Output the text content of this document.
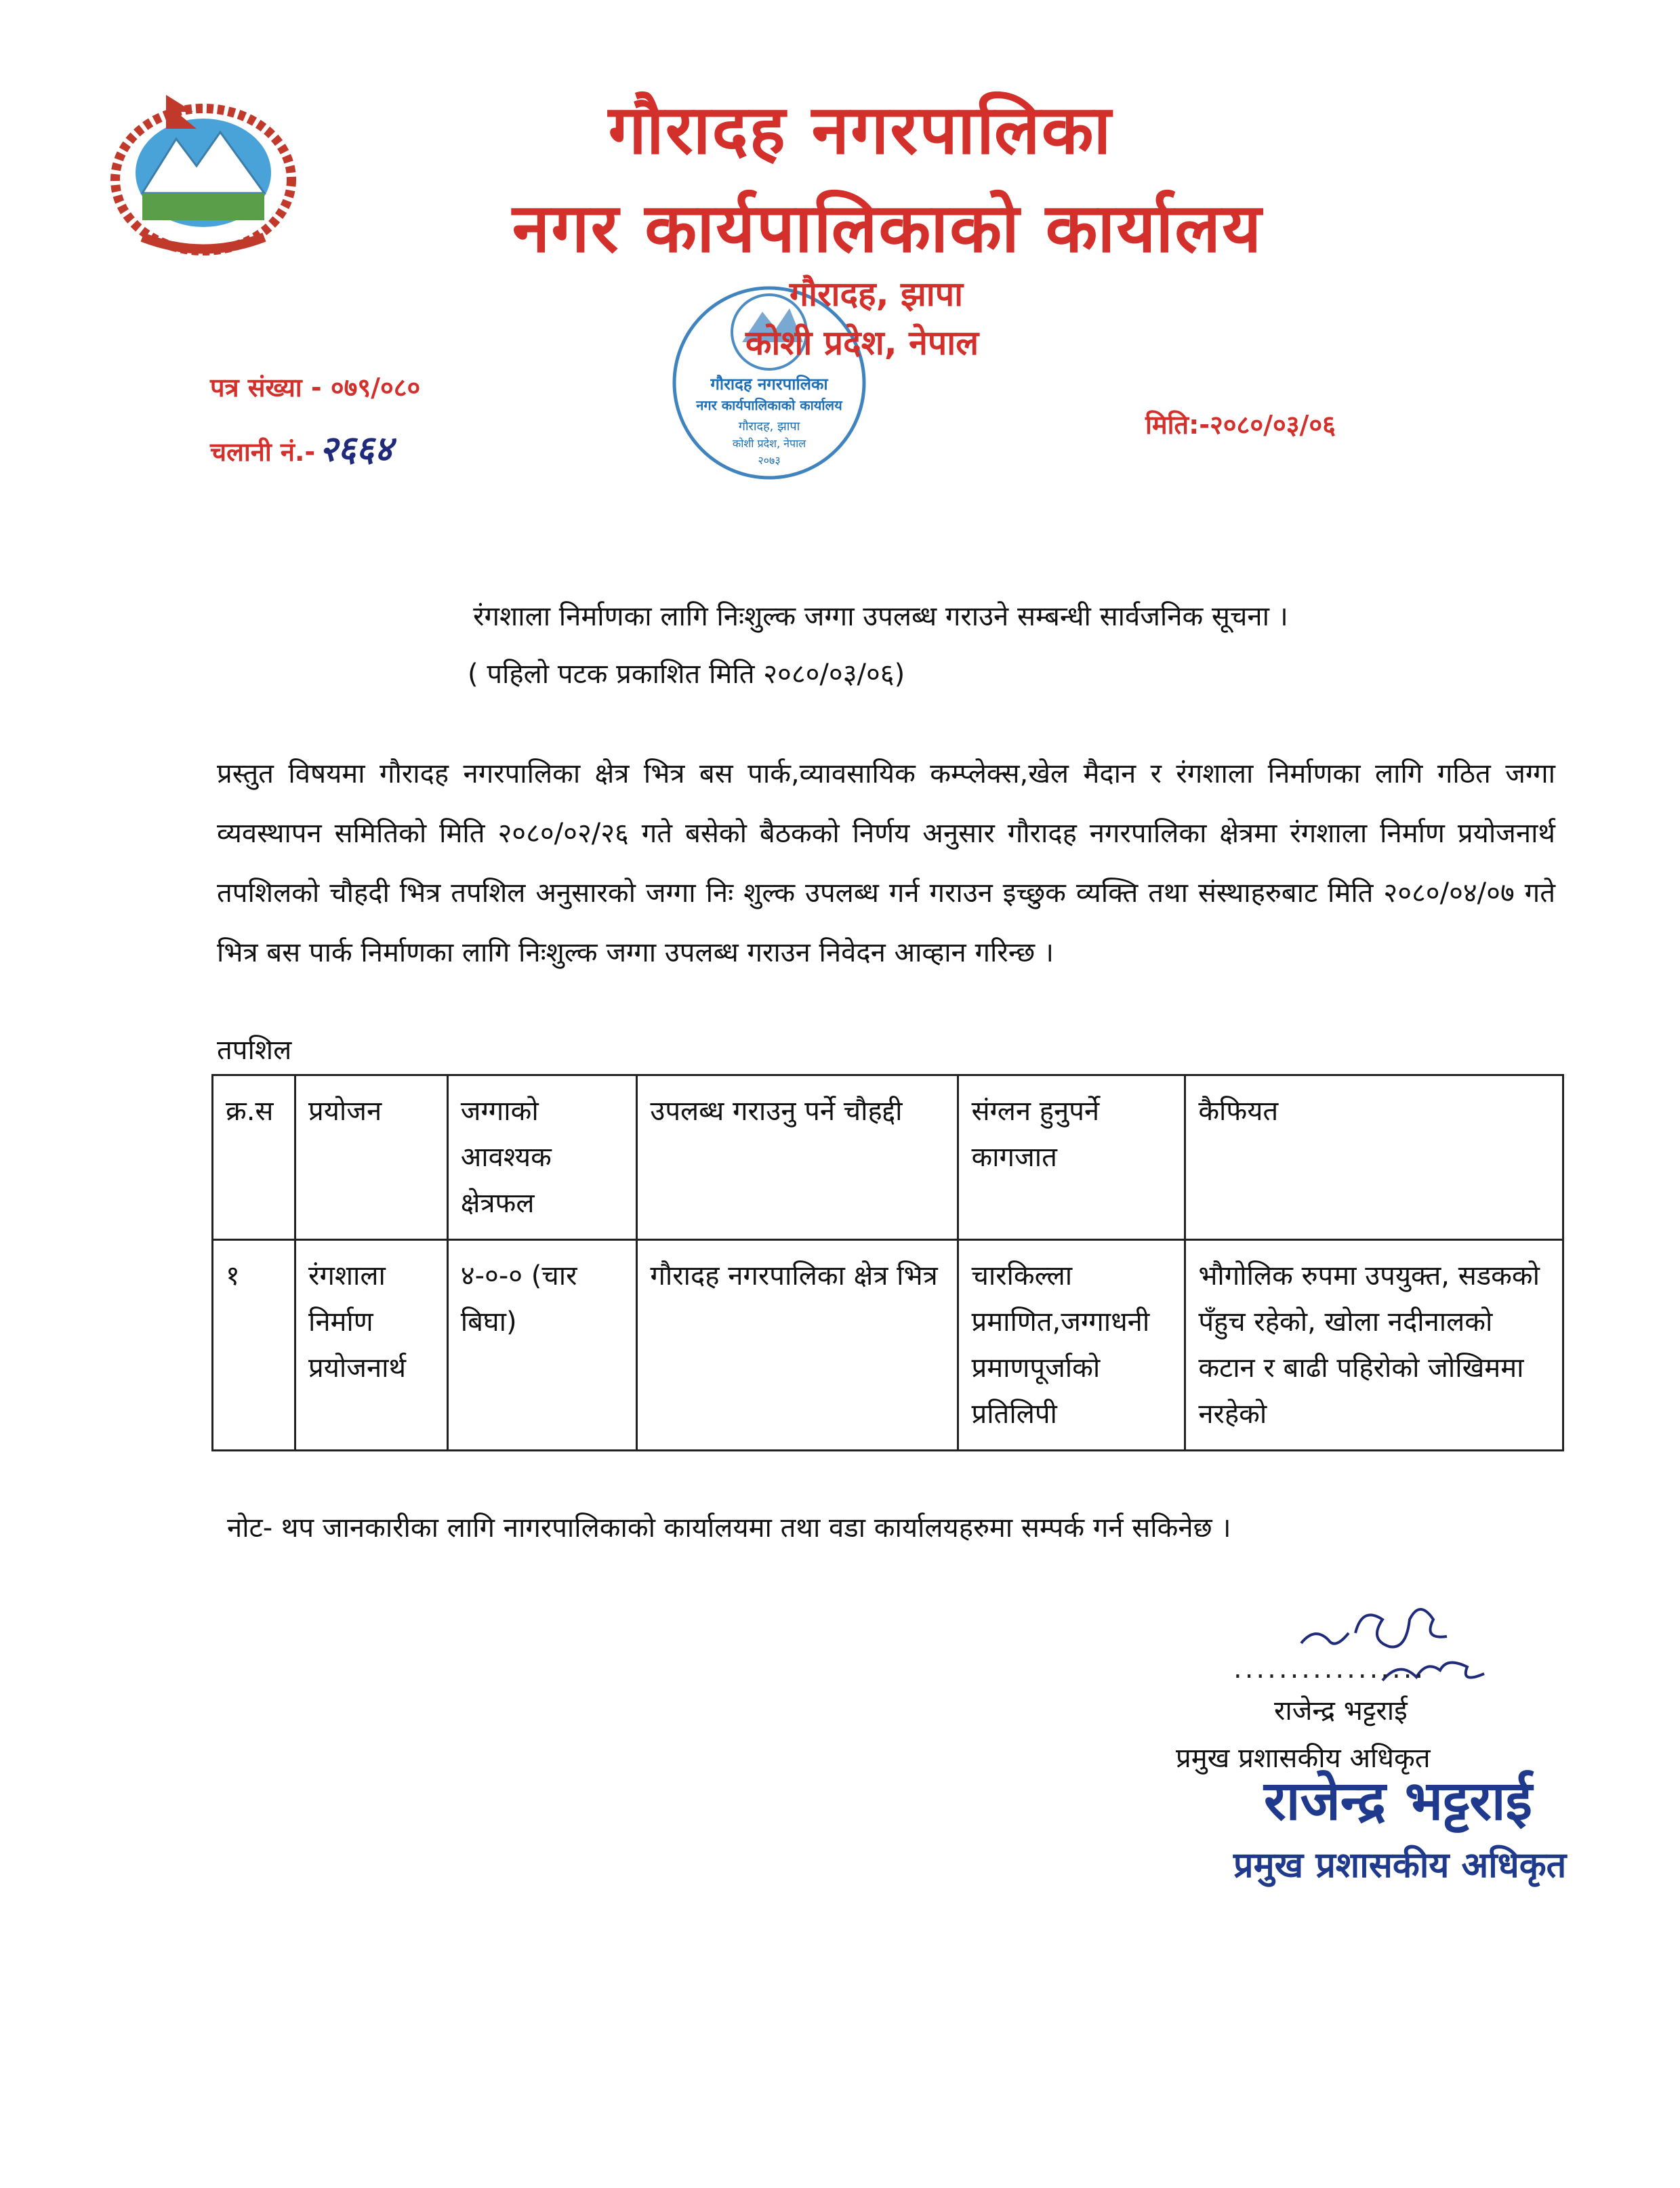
गौरादह नगरपालिका
नगर कार्यपालिकाको कार्यालय
गौरादह नगरपालिका
नगर कार्यपालिकाको कार्यालय
गौरादह, झापा
कोशी प्रदेश, नेपाल
२०७३
गौरादह, झापा
कोशी प्रदेश, नेपाल
पत्र संख्या - ०७९/०८०
चलानी नं.- २६६४
मिति:-२०८०/०३/०६
रंगशाला निर्माणका लागि निःशुल्क जग्गा उपलब्ध गराउने सम्बन्धी सार्वजनिक सूचना ।
( पहिलो पटक प्रकाशित मिति २०८०/०३/०६)
प्रस्तुत विषयमा गौरादह नगरपालिका क्षेत्र भित्र बस पार्क,व्यावसायिक कम्प्लेक्स,खेल मैदान र रंगशाला निर्माणका लागि गठित जग्गा व्यवस्थापन समितिको मिति २०८०/०२/२६ गते बसेको बैठकको निर्णय अनुसार गौरादह नगरपालिका क्षेत्रमा रंगशाला निर्माण प्रयोजनार्थ तपशिलको चौहदी भित्र तपशिल अनुसारको जग्गा निः शुल्क उपलब्ध गर्न गराउन इच्छुक व्यक्ति तथा संस्थाहरुबाट मिति २०८०/०४/०७ गते भित्र बस पार्क निर्माणका लागि निःशुल्क जग्गा उपलब्ध गराउन निवेदन आव्हान गरिन्छ ।
तपशिल
क्र.स	प्रयोजन	जग्गाको आवश्यक क्षेत्रफल	उपलब्ध गराउनु पर्ने चौहद्दी	संग्लन हुनुपर्ने कागजात	कैफियत
१	रंगशाला निर्माण प्रयोजनार्थ	४-०-० (चार बिघा)	गौरादह नगरपालिका क्षेत्र भित्र	चारकिल्ला प्रमाणित,जग्गाधनी प्रमाणपूर्जाको प्रतिलिपी	भौगोलिक रुपमा उपयुक्त, सडकको पँहुच रहेको, खोला नदीनालको कटान र बाढी पहिरोको जोखिममा नरहेको
नोट- थप जानकारीका लागि नागरपालिकाको कार्यालयमा तथा वडा कार्यालयहरुमा सम्पर्क गर्न सकिनेछ ।
.................
राजेन्द्र भट्टराई
प्रमुख प्रशासकीय अधिकृत
राजेन्द्र भट्टराई
प्रमुख प्रशासकीय अधिकृत
